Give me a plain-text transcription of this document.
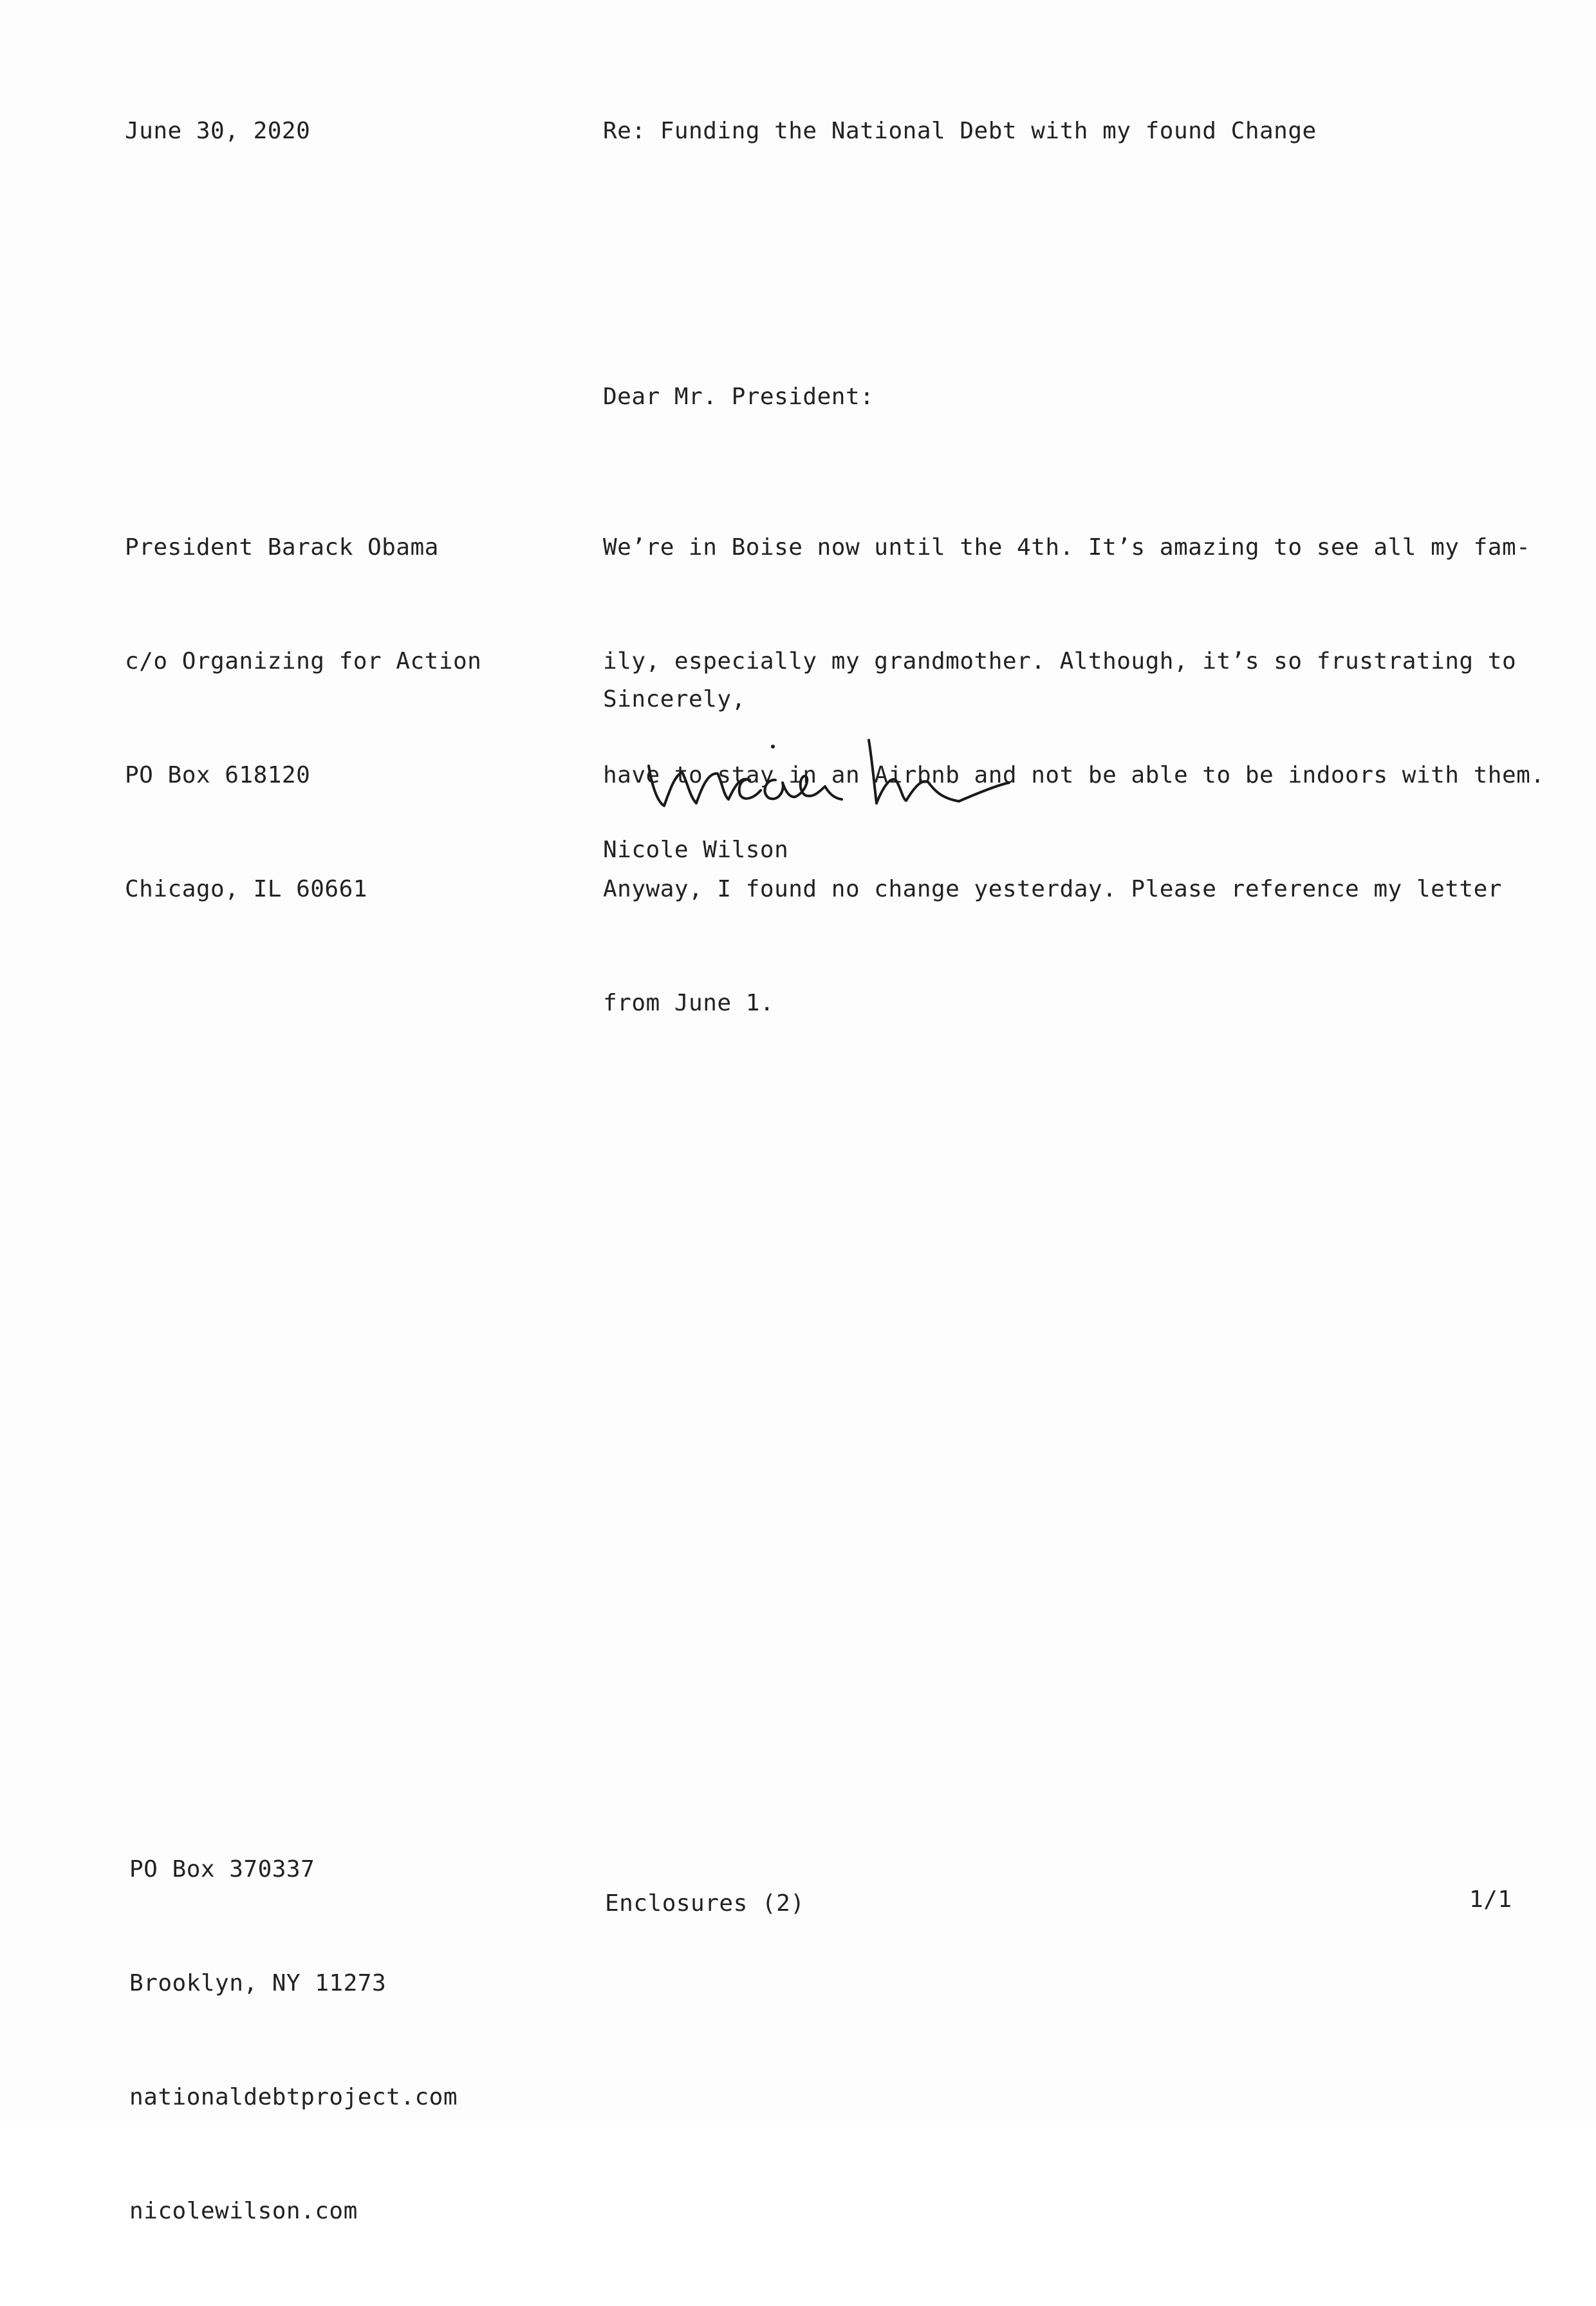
June 30, 2020	Re: Funding the National Debt with my found Change
Dear Mr. President:

President Barack Obama

c/o Organizing for Action

PO Box 618120

Chicago, IL 60661

We’re in Boise now until the 4th. It’s amazing to see all my fam-

ily, especially my grandmother. Although, it’s so frustrating to

have to stay in an Airbnb and not be able to be indoors with them.

Anyway, I found no change yesterday. Please reference my letter

from June 1.

Sincerely,
Nicole Wilson

PO Box 370337

Brooklyn, NY 11273

nationaldebtproject.com

nicolewilson.com

Enclosures (2)	1/1
